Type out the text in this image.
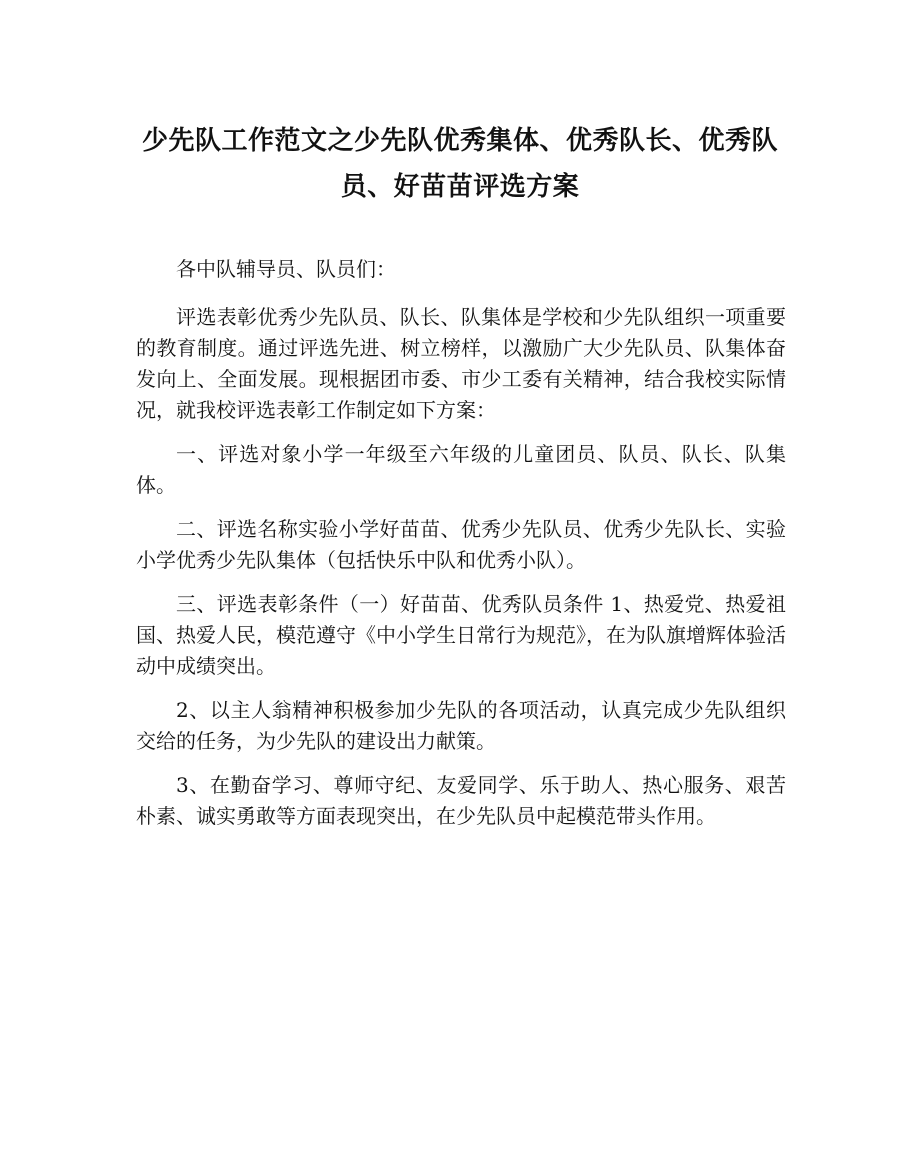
少先队工作范文之少先队优秀集体、优秀队长、优秀队员、好苗苗评选方案

各中队辅导员、队员们：

评选表彰优秀少先队员、队长、队集体是学校和少先队组织一项重要的教育制度。通过评选先进、树立榜样，以激励广大少先队员、队集体奋发向上、全面发展。现根据团市委、市少工委有关精神，结合我校实际情况，就我校评选表彰工作制定如下方案：

一、评选对象小学一年级至六年级的儿童团员、队员、队长、队集体。

二、评选名称实验小学好苗苗、优秀少先队员、优秀少先队长、实验小学优秀少先队集体（包括快乐中队和优秀小队）。

三、评选表彰条件（一）好苗苗、优秀队员条件 1、热爱党、热爱祖国、热爱人民，模范遵守《中小学生日常行为规范》，在为队旗增辉体验活动中成绩突出。

2、以主人翁精神积极参加少先队的各项活动，认真完成少先队组织交给的任务，为少先队的建设出力献策。

3、在勤奋学习、尊师守纪、友爱同学、乐于助人、热心服务、艰苦朴素、诚实勇敢等方面表现突出，在少先队员中起模范带头作用。
